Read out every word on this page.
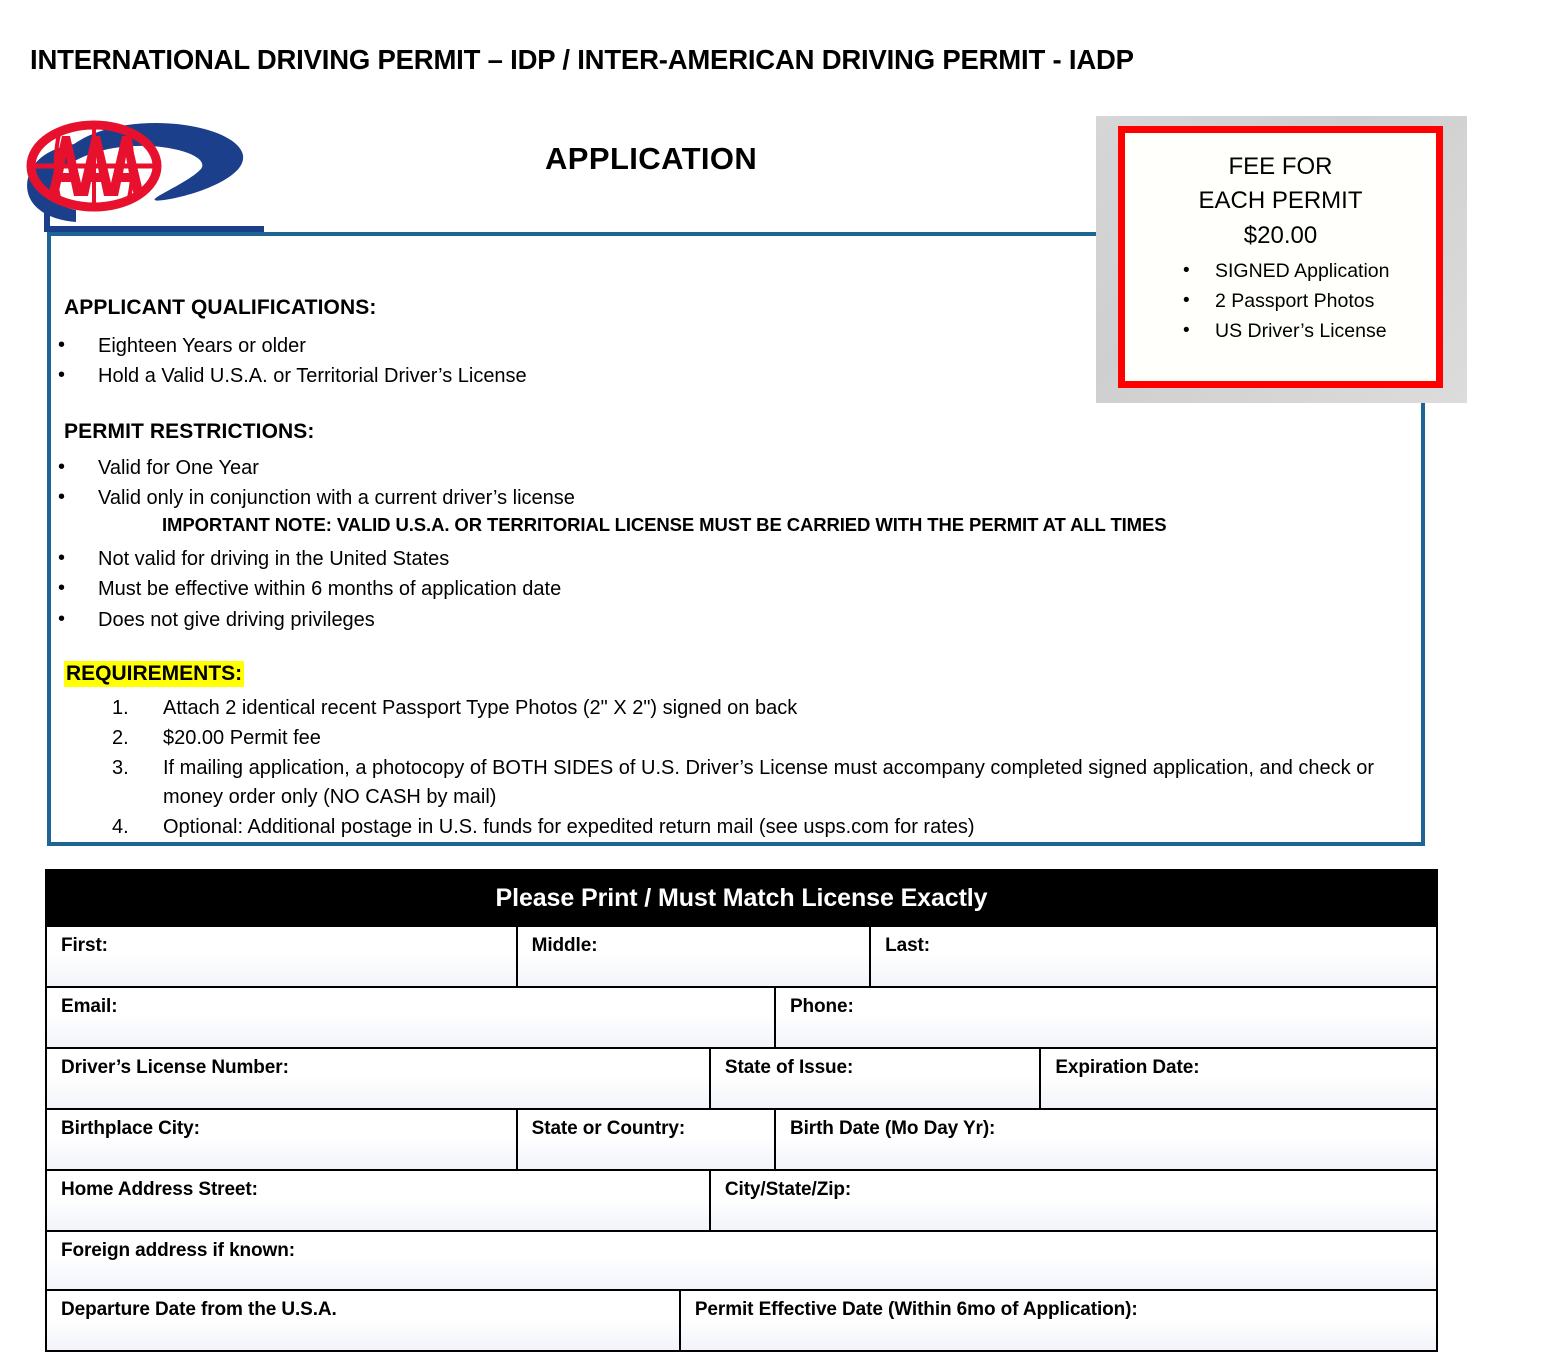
INTERNATIONAL DRIVING PERMIT – IDP / INTER-AMERICAN DRIVING PERMIT - IADP
APPLICATION
APPLICANT QUALIFICATIONS:
• Eighteen Years or older
• Hold a Valid U.S.A. or Territorial Driver’s License
PERMIT RESTRICTIONS:
• Valid for One Year
• Valid only in conjunction with a current driver’s license
IMPORTANT NOTE: VALID U.S.A. OR TERRITORIAL LICENSE MUST BE CARRIED WITH THE PERMIT AT ALL TIMES
• Not valid for driving in the United States
• Must be effective within 6 months of application date
• Does not give driving privileges
REQUIREMENTS:
Attach 2 identical recent Passport Type Photos (2" X 2") signed on back
$20.00 Permit fee
If mailing application, a photocopy of BOTH SIDES of U.S. Driver’s License must accompany completed signed application, and check or money order only (NO CASH by mail)
Optional: Additional postage in U.S. funds for expedited return mail (see usps.com for rates)
FEE FOR
EACH PERMIT
$20.00
• SIGNED Application
• 2 Passport Photos
• US Driver’s License
Please Print / Must Match License Exactly						

First:	Middle:				Last:	

Email:				Phone:		

Driver’s License Number:			State of Issue:			Expiration Date:

Birthplace City:	State or Country:			Birth Date (Mo Day Yr):		

Home Address Street:			City/State/Zip:			

Foreign address if known:						

Departure Date from the U.S.A.		Permit Effective Date (Within 6mo of Application):				
